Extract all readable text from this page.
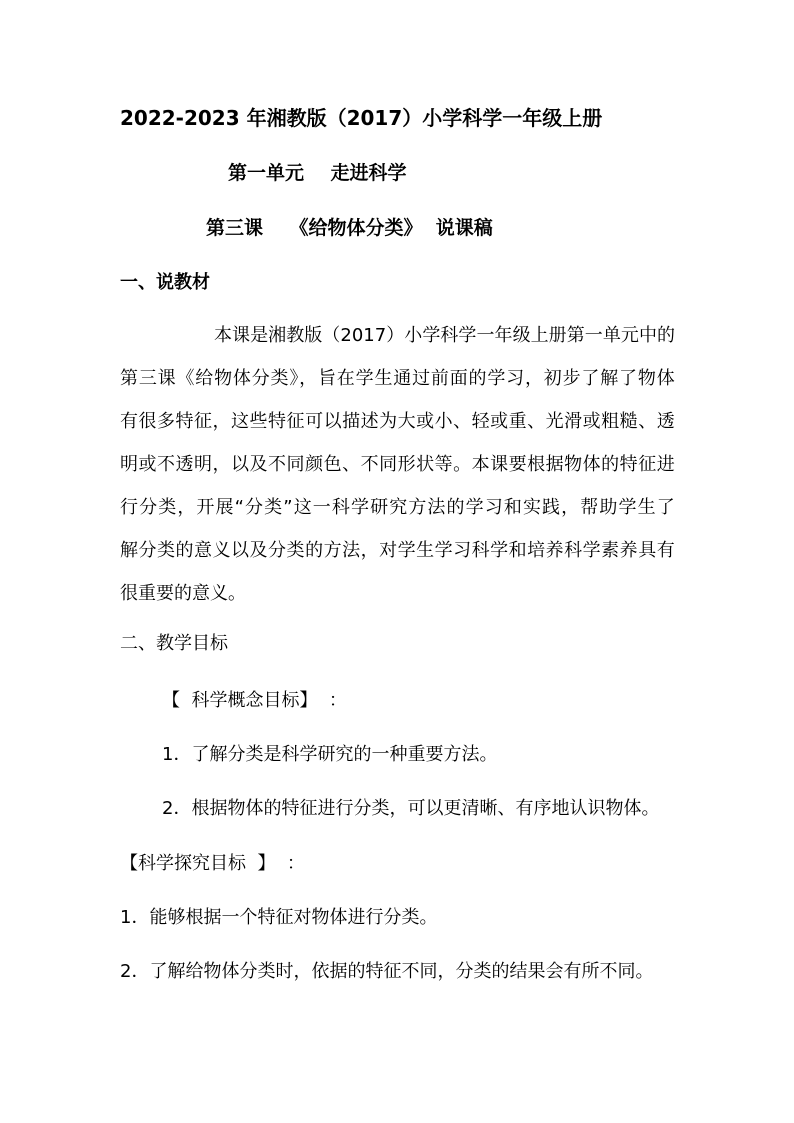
2022-2023 年湘教版（2017）小学科学一年级上册
第一单元    走进科学
第三课    《给物体分类》  说课稿
一、说教材
本课是湘教版（2017）小学科学一年级上册第一单元中的
第三课《给物体分类》，旨在学生通过前面的学习，初步了解了物体
有很多特征，这些特征可以描述为大或小、轻或重、光滑或粗糙、透
明或不透明，以及不同颜色、不同形状等。本课要根据物体的特征进
行分类，开展“分类”这一科学研究方法的学习和实践，帮助学生了
解分类的意义以及分类的方法，对学生学习科学和培养科学素养具有
很重要的意义。
二、教学目标
【  科学概念目标】  ：
1．了解分类是科学研究的一种重要方法。
2．根据物体的特征进行分类，可以更清晰、有序地认识物体。
【科学探究目标  】  ：
1．能够根据一个特征对物体进行分类。
2．了解给物体分类时，依据的特征不同，分类的结果会有所不同。
